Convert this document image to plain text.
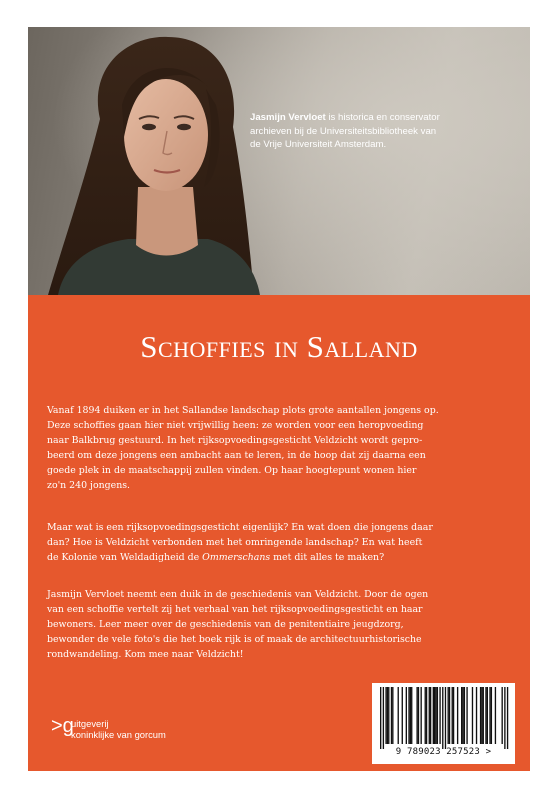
Jasmijn Vervloet is historica en conservator
archieven bij de Universiteitsbibliotheek van
de Vrije Universiteit Amsterdam.
Schoffies in Salland

Vanaf 1894 duiken er in het Sallandse landschap plots grote aantallen jongens op.
Deze schoffies gaan hier niet vrijwillig heen: ze worden voor een heropvoeding
naar Balkbrug gestuurd. In het rijksopvoedingsgesticht Veldzicht wordt gepro-
beerd om deze jongens een ambacht aan te leren, in de hoop dat zij daarna een
goede plek in de maatschappij zullen vinden. Op haar hoogtepunt wonen hier
zo'n 240 jongens.

Maar wat is een rijksopvoedingsgesticht eigenlijk? En wat doen die jongens daar
dan? Hoe is Veldzicht verbonden met het omringende landschap? En wat heeft
de Kolonie van Weldadigheid de Ommerschans met dit alles te maken?

Jasmijn Vervloet neemt een duik in de geschiedenis van Veldzicht. Door de ogen
van een schoffie vertelt zij het verhaal van het rijksopvoedingsgesticht en haar
bewoners. Leer meer over de geschiedenis van de penitentiaire jeugdzorg,
bewonder de vele foto's die het boek rijk is of maak de architectuurhistorische
rondwandeling. Kom mee naar Veldzicht!

>g
uitgeverij
koninklijke van gorcum
9 789023 257523 >
